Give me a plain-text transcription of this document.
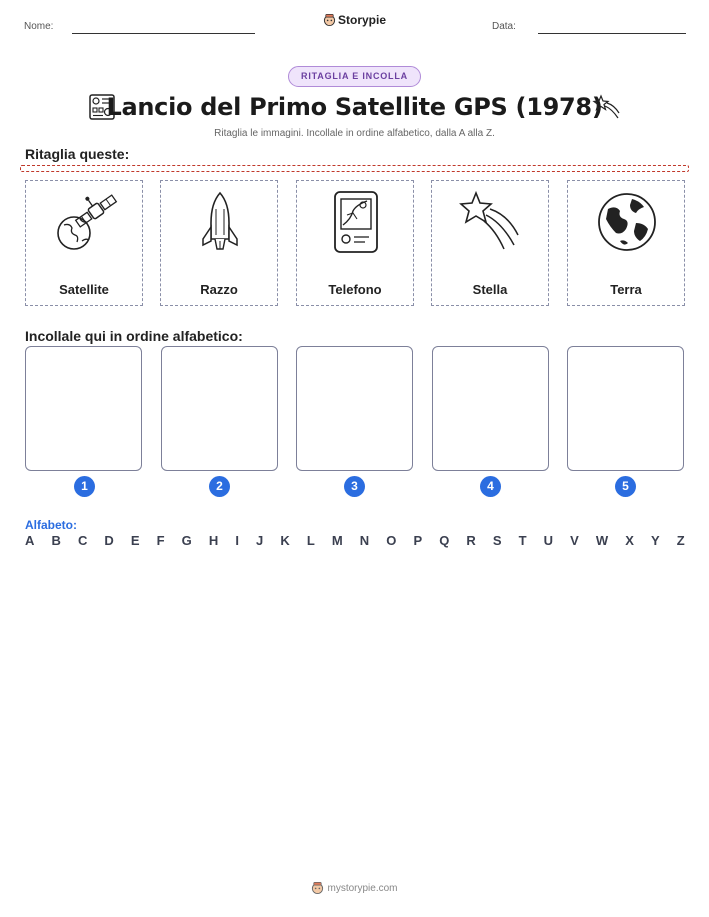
Nome:	Storypie	Data:
RITAGLIA E INCOLLA
Lancio del Primo Satellite GPS (1978)
Ritaglia le immagini. Incollale in ordine alfabetico, dalla A alla Z.
Ritaglia queste:
Satellite	Razzo	Telefono	Stella	Terra
Incollale qui in ordine alfabetico:
1	2	3	4	5
Alfabeto:
A B C D E F G H I J K L M N O P Q R S T U V W X Y Z
mystorypie.com
